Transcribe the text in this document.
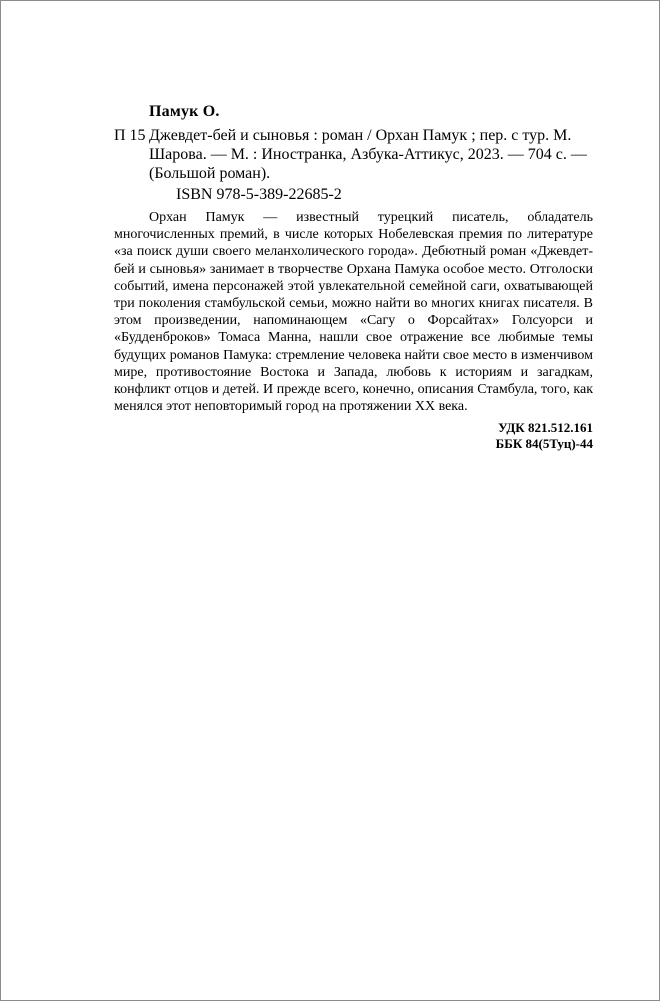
Памук О.
П 15 Джевдет-бей и сыновья : роман / Орхан Памук ; пер. с тур. М. Шарова. — М. : Иностранка, Азбука-Аттикус, 2023. — 704 с. — (Большой роман).
ISBN 978-5-389-22685-2

Орхан Памук — известный турецкий писатель, обладатель многочисленных премий, в числе которых Нобелевская премия по литературе «за поиск души своего меланхолического города». Дебютный роман «Джевдет-бей и сыновья» занимает в творчестве Орхана Памука особое место. Отголоски событий, имена персонажей этой увлекательной семейной саги, охватывающей три поколения стамбульской семьи, можно найти во многих книгах писателя. В этом произведении, напоминающем «Сагу о Форсайтах» Голсуорси и «Будденброков» Томаса Манна, нашли свое отражение все любимые темы будущих романов Памука: стремление человека найти свое место в изменчивом мире, противостояние Востока и Запада, любовь к историям и загадкам, конфликт отцов и детей. И прежде всего, конечно, описания Стамбула, того, как менялся этот неповторимый город на протяжении XX века.

УДК 821.512.161
ББК 84(5Туц)-44
